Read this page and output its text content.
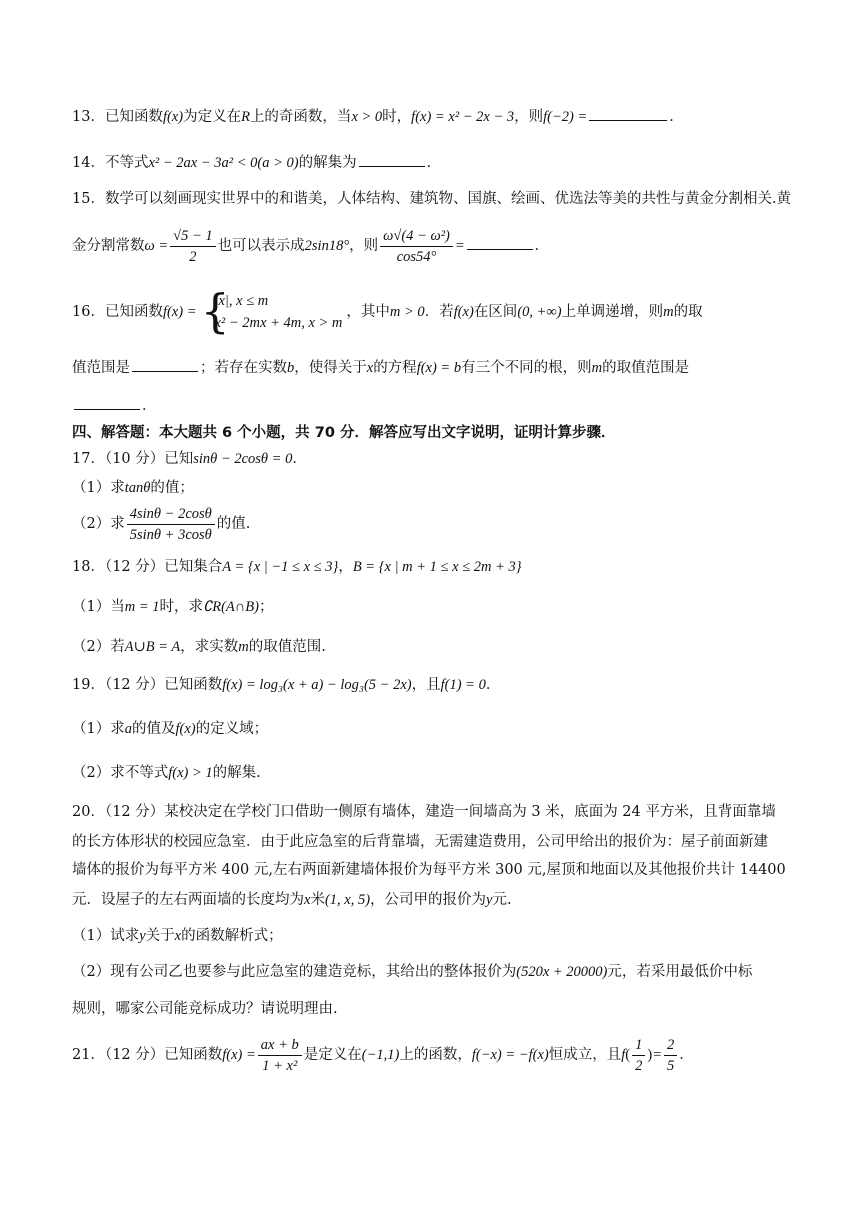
13．已知函数f(x)为定义在R上的奇函数，当x > 0时，f(x) = x² − 2x − 3，则f(−2) =	．
14．不等式x² − 2ax − 3a² < 0(a > 0)的解集为	．
15．数学可以刻画现实世界中的和谐美，人体结构、建筑物、国旗、绘画、优选法等美的共性与黄金分割相关.黄
金分割常数$\omega = \frac{√5 - 1}{2}$ 也可以表示成2sin18°，则 $\frac{\text{ω√(4 − ω²)}}{\cos 54^\circ}$ =	．
16．已知函数f(x) = {
|x|, x ≤ m
x² − 2mx + 4m, x > m
，其中m > 0．若f(x)在区间(0, +∞)上单调递增，则m的取
值范围是	；若存在实数b，使得关于x的方程f(x) = b有三个不同的根，则m的取值范围是
．
四、解答题：本大题共 6 个小题，共 70 分．解答应写出文字说明，证明计算步骤．
17．（10 分）已知sinθ − 2cosθ = 0．
（1）求tanθ的值；
（2）求 $\frac{4\sin\theta - 2\cos\theta}{5\sin\theta + 3\cos\theta}$ 的值.
18．（12 分）已知集合A = {x | −1 ≤ x ≤ 3}，B = {x | m + 1 ≤ x ≤ 2m + 3}
（1）当m = 1时，求∁R(A∩B)；
（2）若A∪B = A，求实数m的取值范围.
19．（12 分）已知函数f(x) = log₃(x + a) − log₃(5 − 2x)，且f(1) = 0．
（1）求a的值及f(x)的定义域；
（2）求不等式f(x) > 1的解集.
20．（12 分）某校决定在学校门口借助一侧原有墙体，建造一间墙高为 3 米，底面为 24 平方米，且背面靠墙
的长方体形状的校园应急室．由于此应急室的后背靠墙，无需建造费用，公司甲给出的报价为：屋子前面新建
墙体的报价为每平方米 400 元,左右两面新建墙体报价为每平方米 300 元,屋顶和地面以及其他报价共计 14400
元．设屋子的左右两面墙的长度均为x米(1, x, 5)，公司甲的报价为y元.
（1）试求y关于x的函数解析式；
（2）现有公司乙也要参与此应急室的建造竞标，其给出的整体报价为(520x + 20000)元，若采用最低价中标
规则，哪家公司能竞标成功？请说明理由.
21．（12 分）已知函数$f(x) = \frac{ax + b}{\text{1 + x²}}$ 是定义在(−1,1)上的函数，f(−x) = −f(x)恒成立，且$f( \frac{1}{2}$ )= $\frac{2}{5}$ ．
